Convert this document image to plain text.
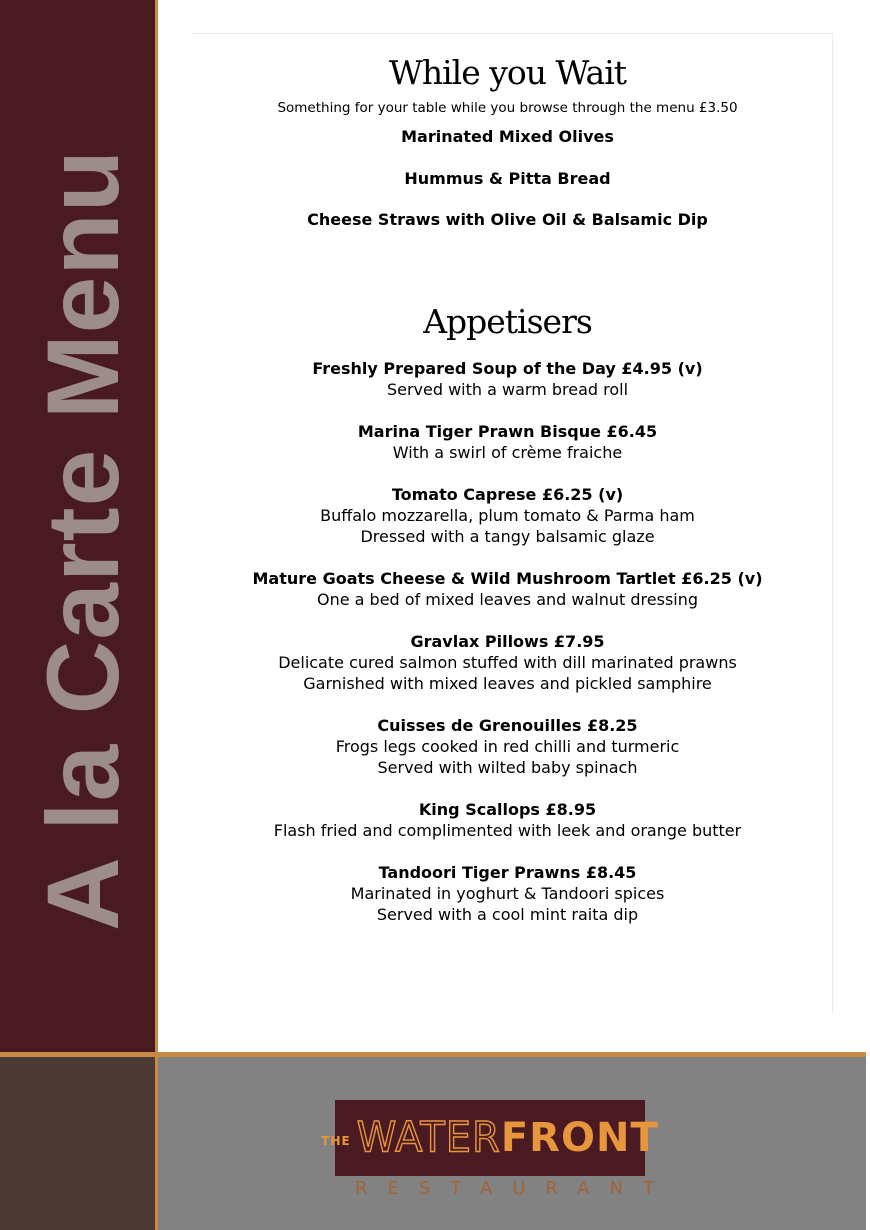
A la Carte Menu
THE WATER FRONT
RESTAURANT
While you Wait
Something for your table while you browse through the menu £3.50
Marinated Mixed Olives
Hummus & Pitta Bread
Cheese Straws with Olive Oil & Balsamic Dip
Appetisers
Freshly Prepared Soup of the Day £4.95 (v)
Served with a warm bread roll
Marina Tiger Prawn Bisque £6.45
With a swirl of crème fraiche
Tomato Caprese £6.25 (v)
Buffalo mozzarella, plum tomato & Parma ham
Dressed with a tangy balsamic glaze
Mature Goats Cheese & Wild Mushroom Tartlet £6.25 (v)
One a bed of mixed leaves and walnut dressing
Gravlax Pillows £7.95
Delicate cured salmon stuffed with dill marinated prawns
Garnished with mixed leaves and pickled samphire
Cuisses de Grenouilles £8.25
Frogs legs cooked in red chilli and turmeric
Served with wilted baby spinach
King Scallops £8.95
Flash fried and complimented with leek and orange butter
Tandoori Tiger Prawns £8.45
Marinated in yoghurt & Tandoori spices
Served with a cool mint raita dip
